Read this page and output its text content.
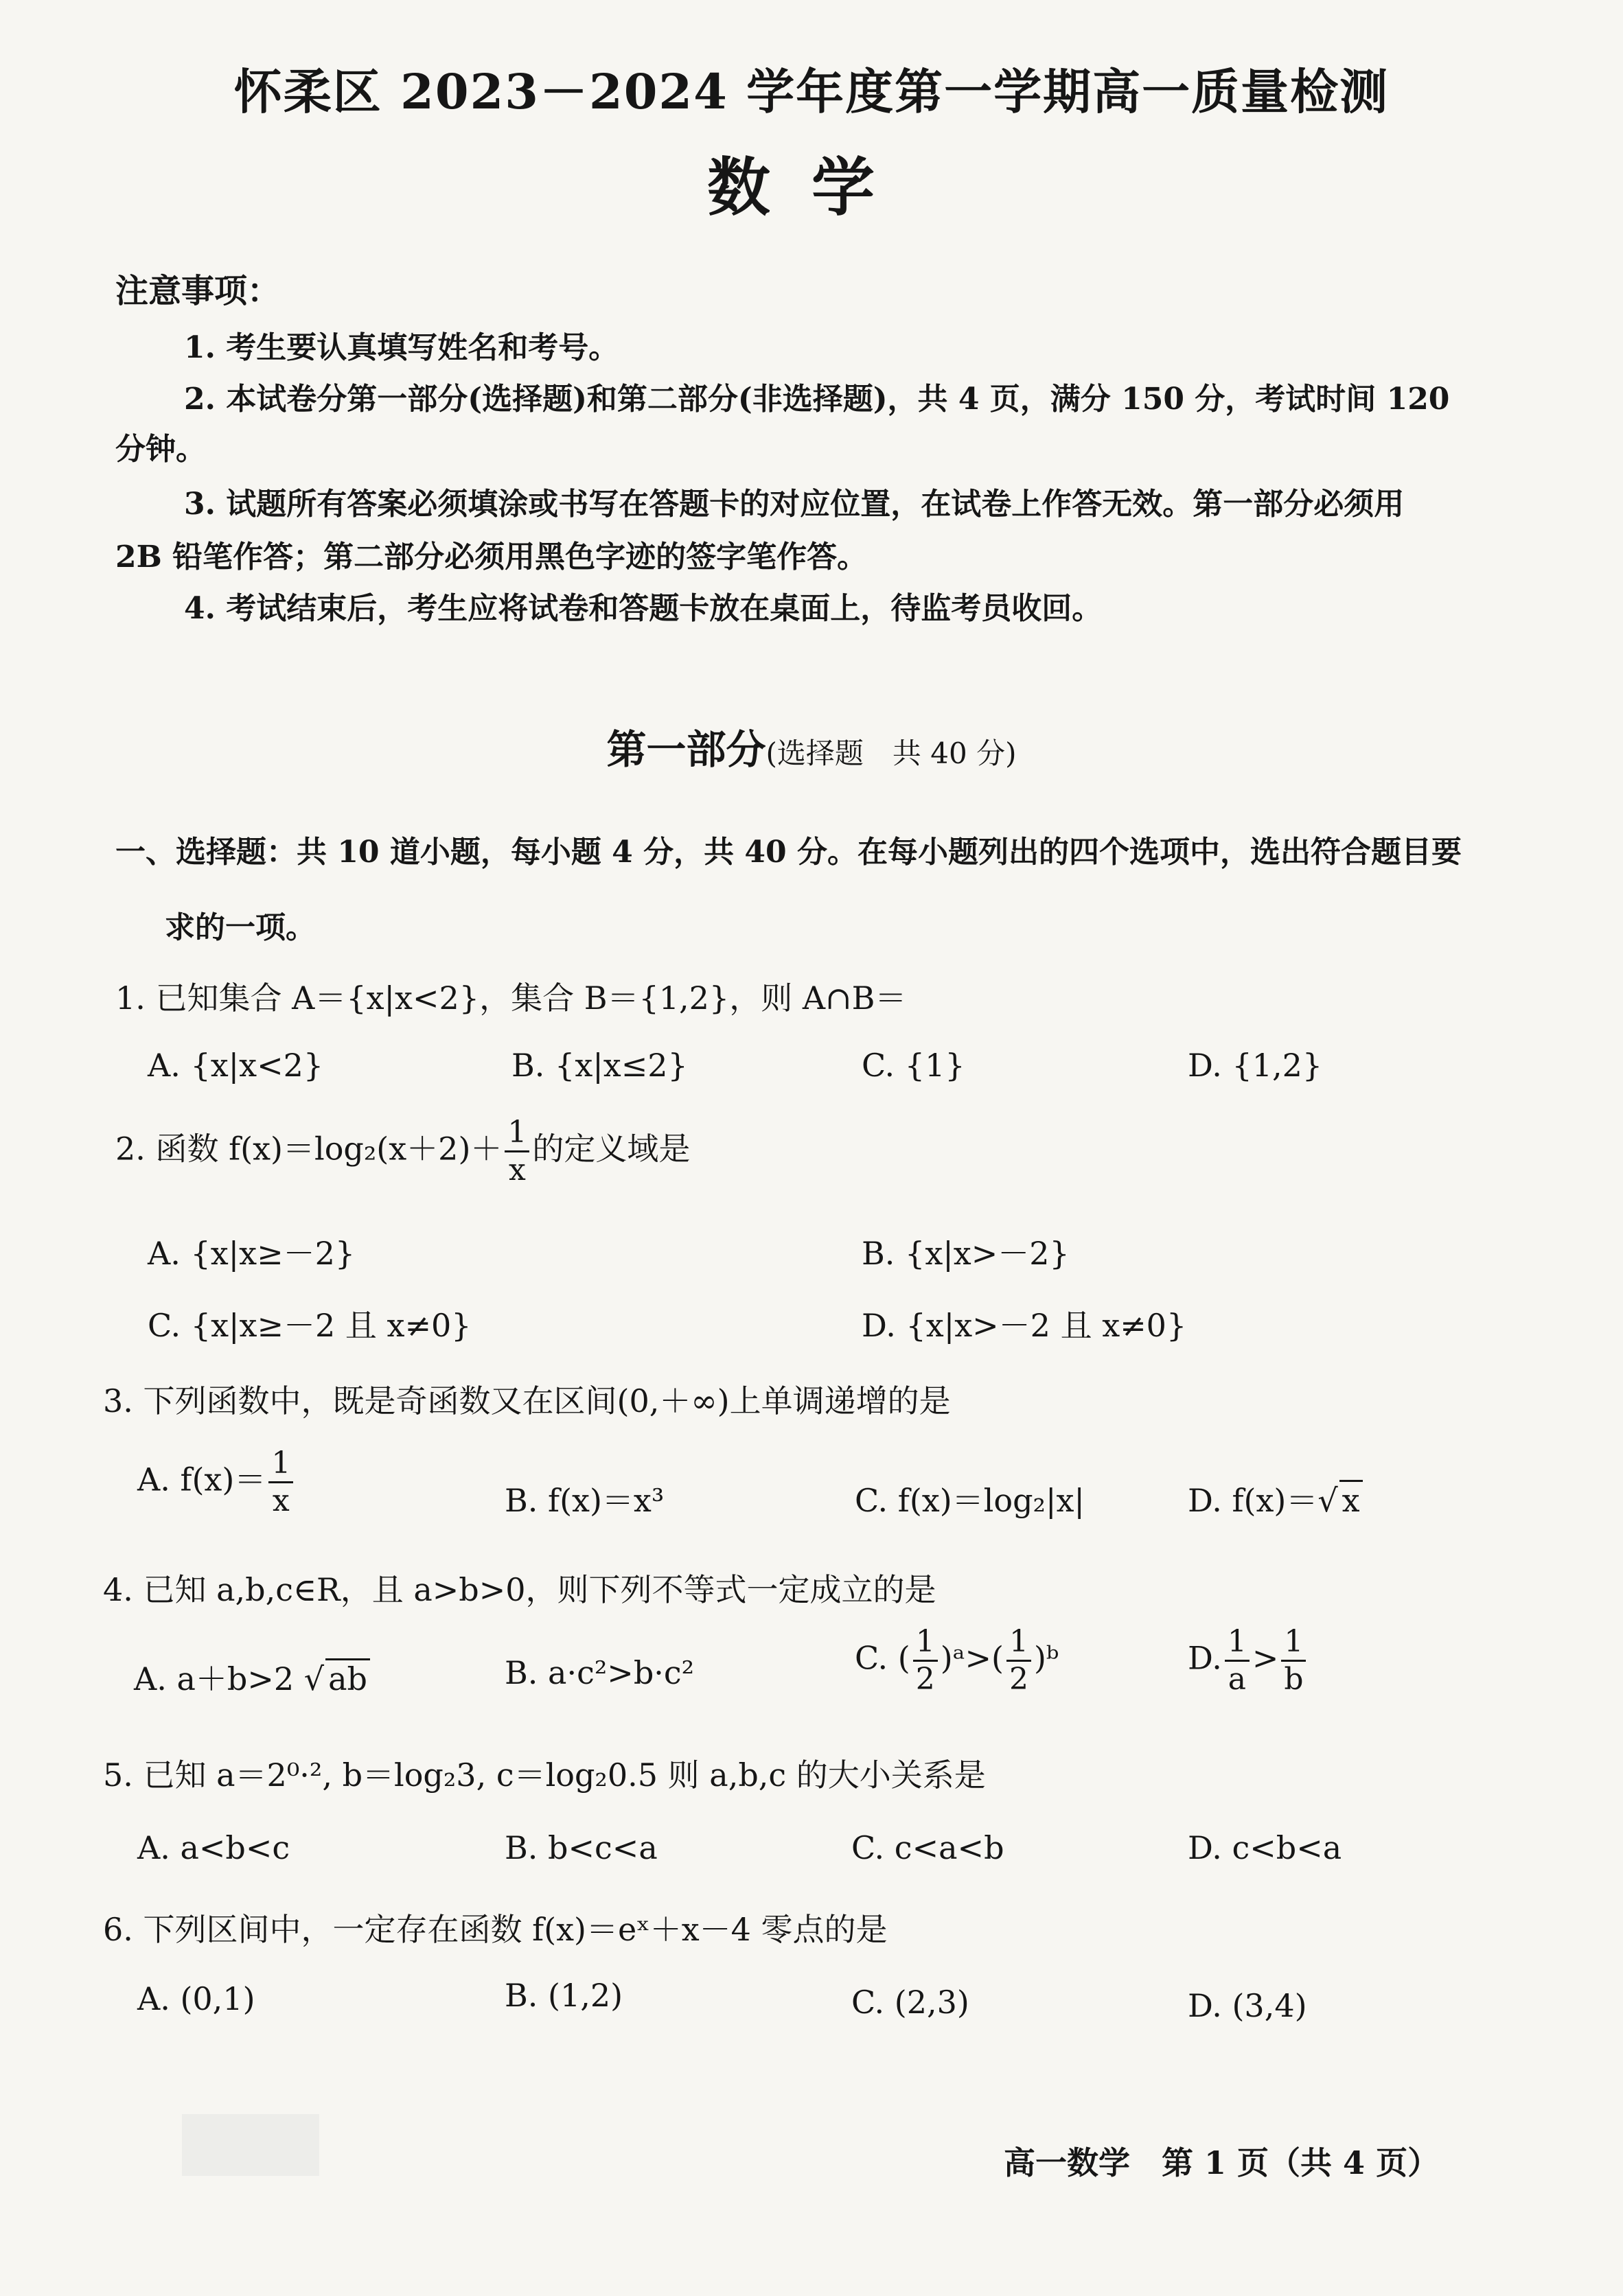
怀柔区 2023－2024 学年度第一学期高一质量检测
数学
注意事项：
1. 考生要认真填写姓名和考号。
2. 本试卷分第一部分(选择题)和第二部分(非选择题)，共 4 页，满分 150 分，考试时间 120
分钟。
3. 试题所有答案必须填涂或书写在答题卡的对应位置，在试卷上作答无效。第一部分必须用
2B 铅笔作答；第二部分必须用黑色字迹的签字笔作答。
4. 考试结束后，考生应将试卷和答题卡放在桌面上，待监考员收回。
第一部分(选择题　共 40 分)
一、选择题：共 10 道小题，每小题 4 分，共 40 分。在每小题列出的四个选项中，选出符合题目要
求的一项。
1. 已知集合 A＝{x|x<2}，集合 B＝{1,2}，则 A∩B＝
A. {x|x<2}	B. {x|x≤2}	C. {1}	D. {1,2}
2. 函数 $f(x)=\log_2(x+2)+ \frac{1}{x}$ 的定义域是
A. {x|x≥－2}	B. {x|x>－2}
C. {x|x≥－2 且 x≠0}	D. {x|x>－2 且 x≠0}
3. 下列函数中，既是奇函数又在区间(0,＋∞)上单调递增的是
A. $f(x)= \frac{1}{x}$	B. f(x)＝x³	C. f(x)＝log₂|x|	D. f(x)＝√ x
4. 已知 a,b,c∈R，且 a>b>0，则下列不等式一定成立的是
A. a＋b>2 √ ab	B. a·c²>b·c²	C. ( $\frac{1}{2}$ )ᵃ>( $\frac{1}{2}$ )ᵇ	D. $\frac{1}{a} > \frac{1}{b}$
5. 已知 a＝2⁰·², b＝log₂3, c＝log₂0.5 则 a,b,c 的大小关系是
A. a<b<c	B. b<c<a	C. c<a<b	D. c<b<a
6. 下列区间中，一定存在函数 f(x)＝eˣ＋x－4 零点的是
A. (0,1)	B. (1,2)	C. (2,3)	D. (3,4)
高一数学　第 1 页（共 4 页）
